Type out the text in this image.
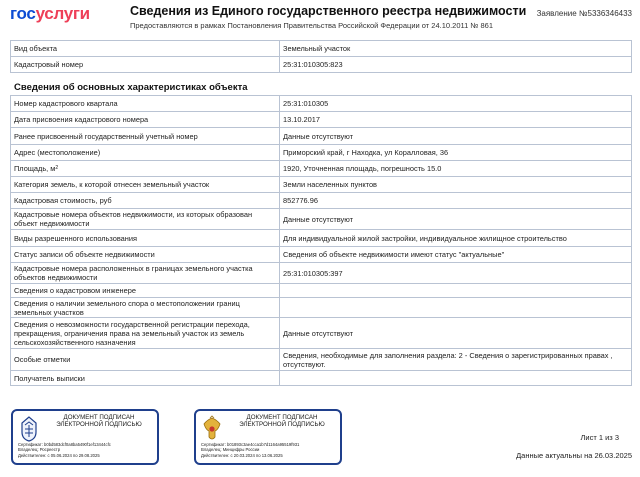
госуслуги	Сведения из Единого государственного реестра недвижимости
Предоставляются в рамках Постановления Правительства Российской Федерации от 24.10.2011 № 861
Заявление №5336346433
Вид объекта	Земельный участок
Кадастровый номер	25:31:010305:823
Сведения об основных характеристиках объекта
Номер кадастрового квартала	25:31:010305
Дата присвоения кадастрового номера	13.10.2017
Ранее присвоенный государственный учетный номер	Данные отсутствуют
Адрес (местоположение)	Приморский край, г Находка, ул Коралловая, 36
Площадь, $м^2$	1920, Уточненная площадь, погрешность 15.0
Категория земель, к которой отнесен земельный участок	Земли населенных пунктов
Кадастровая стоимость, руб	852776.96
Кадастровые номера объектов недвижимости, из которых образован объект недвижимости	Данные отсутствуют
Виды разрешенного использования	Для индивидуальной жилой застройки, индивидуальное жилищное строительство
Статус записи об объекте недвижимости	Сведения об объекте недвижимости имеют статус "актуальные"
Кадастровые номера расположенных в границах земельного участка объектов недвижимости	25:31:010305:397
Сведения о кадастровом инженере	
Сведения о наличии земельного спора о местоположении границ земельных участков	
Сведения о невозможности государственной регистрации перехода, прекращения, ограничения права на земельный участок из земель сельскохозяйственного назначения	Данные отсутствуют
Особые отметки	Сведения, необходимые для заполнения раздела: 2 - Сведения о зарегистрированных правах , отсутствуют.
Получатель выписки	
ДОКУМЕНТ ПОДПИСАН ЭЛЕКТРОННОЙ ПОДПИСЬЮ
Сертификат: b0bd583dcf0a8ba5490f1ef13444cfc
Владелец: Росреестр
Действителен: с 05.06.2024 по 29.08.2025
ДОКУМЕНТ ПОДПИСАН ЭЛЕКТРОННОЙ ПОДПИСЬЮ
Сертификат: b01893c3ae4cca1b7d1164a95519f931
Владелец: Минцифры России
Действителен: с 20.03.2024 по 13.06.2025
Лист 1 из 3
Данные актуальны на 26.03.2025
